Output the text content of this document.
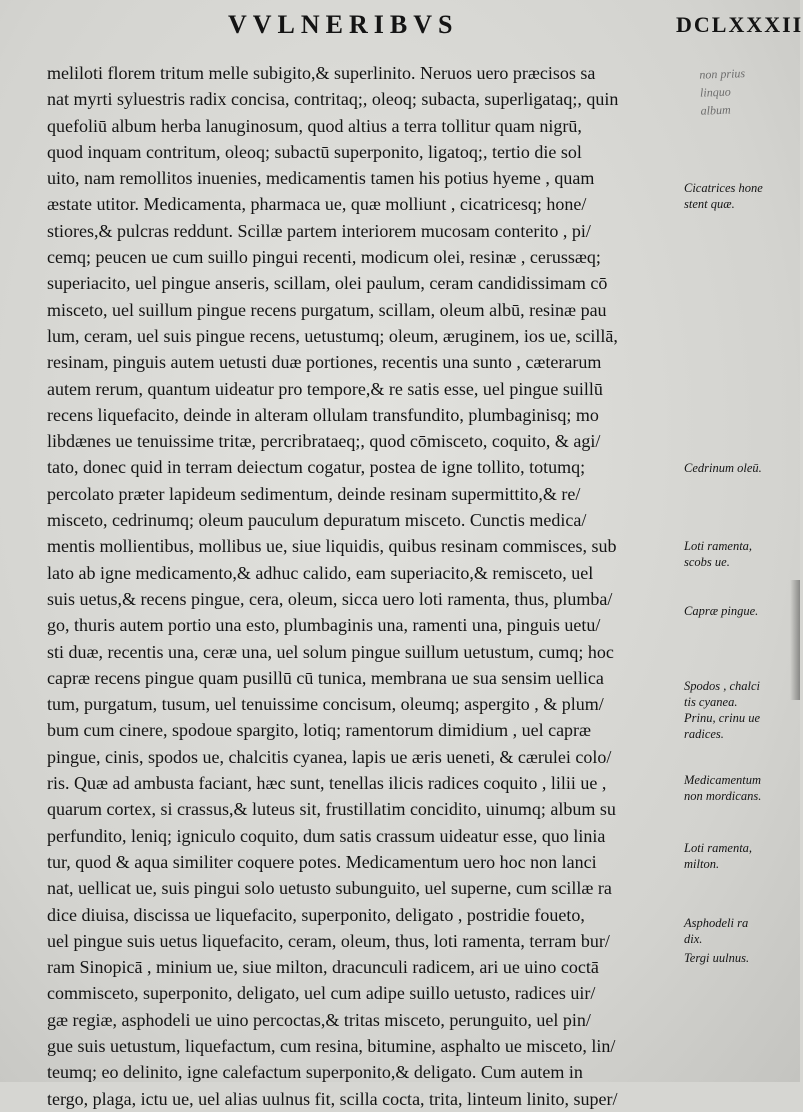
VVLNERIBVS	DCLXXXII
non prius
linquo
album
meliloti florem tritum melle subigito,& superlinito. Neruos uero præcisos sa
nat myrti syluestris radix concisa, contritaq;, oleoq; subacta, superligataq;, quin
quefoliū album herba lanuginosum, quod altius a terra tollitur quam nigrū,
quod inquam contritum, oleoq; subactū superponito, ligatoq;, tertio die sol
uito, nam remollitos inuenies, medicamentis tamen his potius hyeme , quam
æstate utitor. Medicamenta, pharmaca ue, quæ molliunt , cicatricesq; hone/
stiores,& pulcras reddunt. Scillæ partem interiorem mucosam conterito , pi/
cemq; peucen ue cum suillo pingui recenti, modicum olei, resinæ , cerussæq;
superiacito, uel pingue anseris, scillam, olei paulum, ceram candidissimam cō
misceto, uel suillum pingue recens purgatum, scillam, oleum albū, resinæ pau
lum, ceram, uel suis pingue recens, uetustumq; oleum, æruginem, ios ue, scillā,
resinam, pinguis autem uetusti duæ portiones, recentis una sunto , cæterarum
autem rerum, quantum uideatur pro tempore,& re satis esse, uel pingue suillū
recens liquefacito, deinde in alteram ollulam transfundito, plumbaginisq; mo
libdænes ue tenuissime tritæ, percribrataeq;, quod cōmisceto, coquito, & agi/
tato, donec quid in terram deiectum cogatur, postea de igne tollito, totumq;
percolato præter lapideum sedimentum, deinde resinam supermittito,& re/
misceto, cedrinumq; oleum pauculum depuratum misceto. Cunctis medica/
mentis mollientibus, mollibus ue, siue liquidis, quibus resinam commisces, sub
lato ab igne medicamento,& adhuc calido, eam superiacito,& remisceto, uel
suis uetus,& recens pingue, cera, oleum, sicca uero loti ramenta, thus, plumba/
go, thuris autem portio una esto, plumbaginis una, ramenti una, pinguis uetu/
sti duæ, recentis una, ceræ una, uel solum pingue suillum uetustum, cumq; hoc
capræ recens pingue quam pusillū cū tunica, membrana ue sua sensim uellica
tum, purgatum, tusum, uel tenuissime concisum, oleumq; aspergito , & plum/
bum cum cinere, spodoue spargito, lotiq; ramentorum dimidium , uel capræ
pingue, cinis, spodos ue, chalcitis cyanea, lapis ue æris ueneti, & cærulei colo/
ris. Quæ ad ambusta faciant, hæc sunt, tenellas ilicis radices coquito , lilii ue ,
quarum cortex, si crassus,& luteus sit, frustillatim concidito, uinumq; album su
perfundito, leniq; igniculo coquito, dum satis crassum uideatur esse, quo linia
tur, quod & aqua similiter coquere potes. Medicamentum uero hoc non lanci
nat, uellicat ue, suis pingui solo uetusto subunguito, uel superne, cum scillæ ra
dice diuisa, discissa ue liquefacito, superponito, deligato , postridie foueto,
uel pingue suis uetus liquefacito, ceram, oleum, thus, loti ramenta, terram bur/
ram Sinopicā , minium ue, siue milton, dracunculi radicem, ari ue uino coctā
commisceto, superponito, deligato, uel cum adipe suillo uetusto, radices uir/
gæ regiæ, asphodeli ue uino percoctas,& tritas misceto, perunguito, uel pin/
gue suis uetustum, liquefactum, cum resina, bitumine, asphalto ue misceto, lin/
teumq; eo delinito, igne calefactum superponito,& deligato. Cum autem in
tergo, plaga, ictu ue, uel alias uulnus fit, scilla cocta, trita, linteum linito, super/
Cicatrices hone
stent quæ.
Cedrinum oleū.
Loti ramenta,
scobs ue.
Capræ pingue.
Spodos , chalci
tis cyanea.
Prinu, crinu ue
radices.
Medicamentum
non mordicans.
Loti ramenta,
milton.
Asphodeli ra
dix.
Tergi uulnus.
